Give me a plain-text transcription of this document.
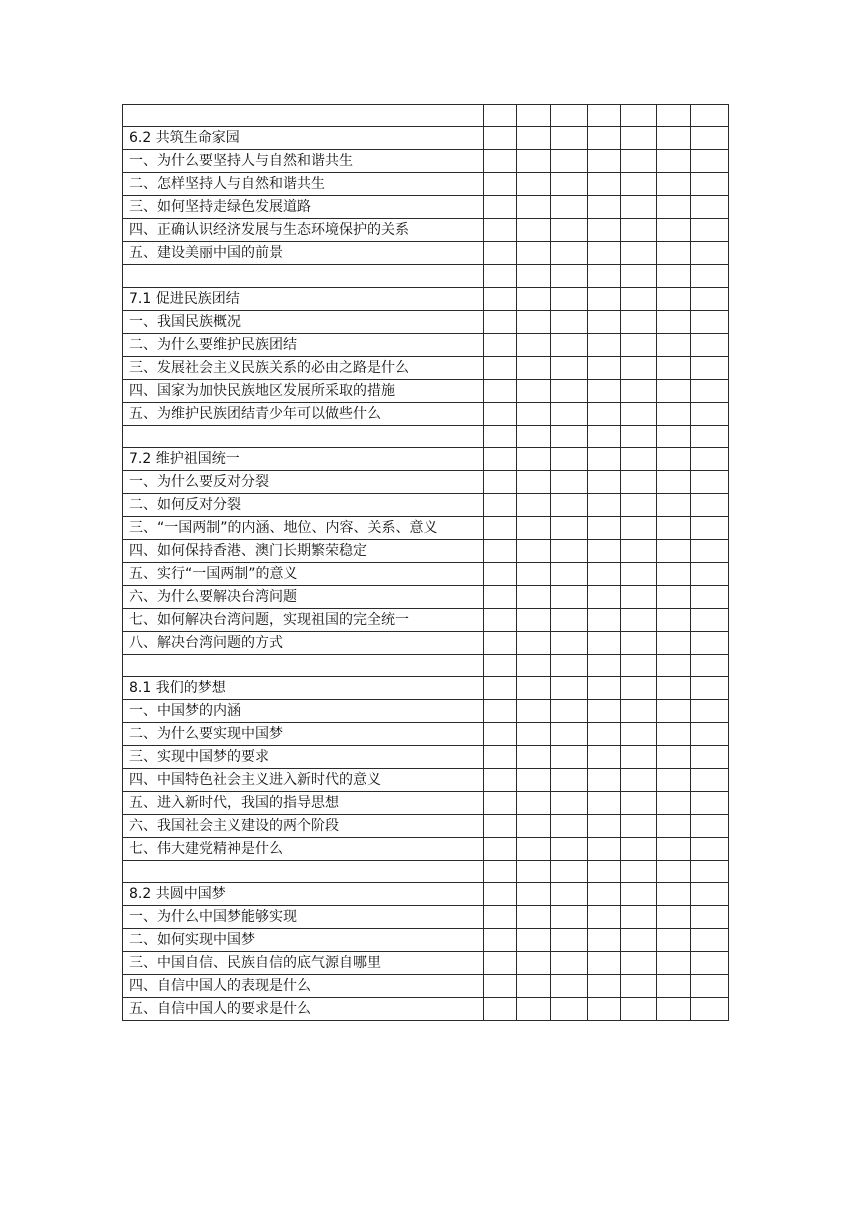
6.2 共筑生命家园							
一、为什么要坚持人与自然和谐共生							
二、怎样坚持人与自然和谐共生							
三、如何坚持走绿色发展道路							
四、正确认识经济发展与生态环境保护的关系							
五、建设美丽中国的前景							

7.1 促进民族团结							
一、我国民族概况							
二、为什么要维护民族团结							
三、发展社会主义民族关系的必由之路是什么							
四、国家为加快民族地区发展所采取的措施							
五、为维护民族团结青少年可以做些什么							

7.2 维护祖国统一							
一、为什么要反对分裂							
二、如何反对分裂							
三、“一国两制”的内涵、地位、内容、关系、意义							
四、如何保持香港、澳门长期繁荣稳定							
五、实行“一国两制”的意义							
六、为什么要解决台湾问题							
七、如何解决台湾问题，实现祖国的完全统一							
八、解决台湾问题的方式							

8.1 我们的梦想							
一、中国梦的内涵							
二、为什么要实现中国梦							
三、实现中国梦的要求							
四、中国特色社会主义进入新时代的意义							
五、进入新时代，我国的指导思想							
六、我国社会主义建设的两个阶段							
七、伟大建党精神是什么							

8.2 共圆中国梦							
一、为什么中国梦能够实现							
二、如何实现中国梦							
三、中国自信、民族自信的底气源自哪里							
四、自信中国人的表现是什么							
五、自信中国人的要求是什么							
